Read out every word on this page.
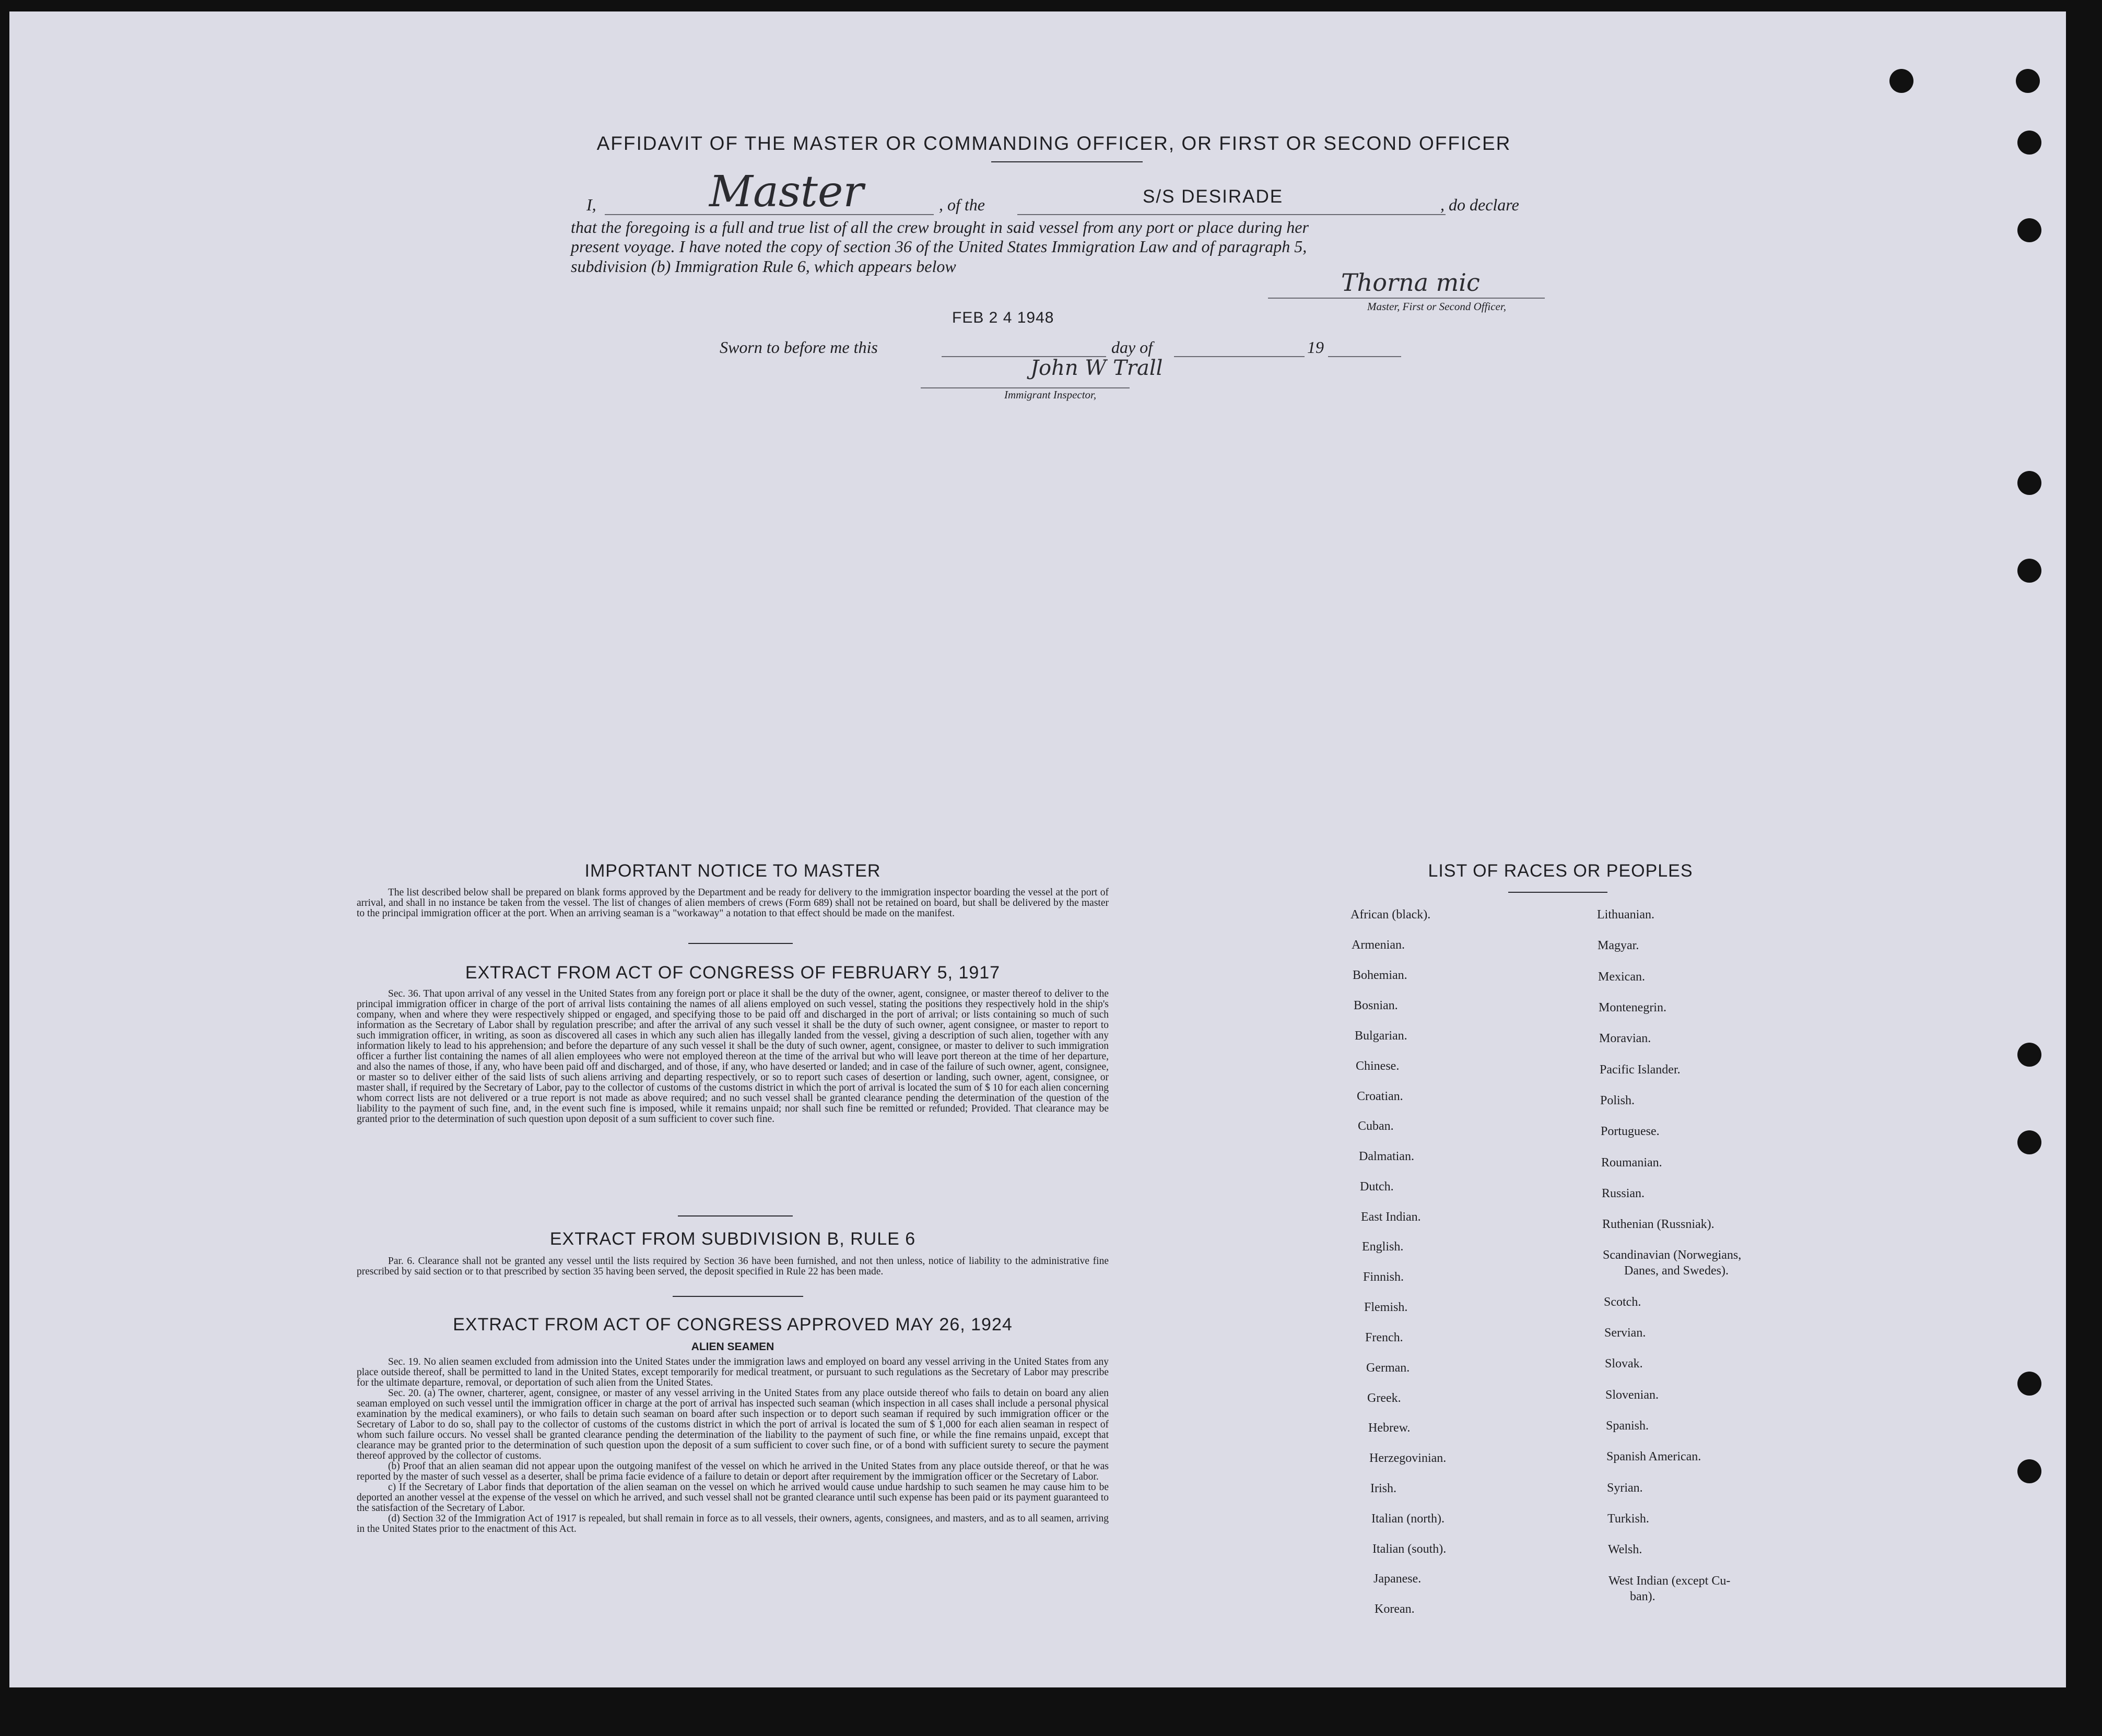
AFFIDAVIT OF THE MASTER OR COMMANDING OFFICER, OR FIRST OR SECOND OFFICER
I,	Master	, of the	S/S DESIRADE	, do declare
that the foregoing is a full and true list of all the crew brought in said vessel from any port or place during her
present voyage. I have noted the copy of section 36 of the United States Immigration Law and of paragraph 5,
subdivision (b) Immigration Rule 6, which appears below
Thorna mic
Master, First or Second Officer,
FEB 2 4 1948
Sworn to before me this	day of	19
John W Trall
Immigrant Inspector,
IMPORTANT NOTICE TO MASTER

The list described below shall be prepared on blank forms approved by the Department and be ready for delivery to the immigration inspector boarding the vessel at the port of arrival, and shall in no instance be taken from the vessel. The list of changes of alien members of crews (Form 689) shall not be retained on board, but shall be delivered by the master to the principal immigration officer at the port. When an arriving seaman is a "workaway" a notation to that effect should be made on the manifest.

EXTRACT FROM ACT OF CONGRESS OF FEBRUARY 5, 1917

Sec. 36. That upon arrival of any vessel in the United States from any foreign port or place it shall be the duty of the owner, agent, consignee, or master thereof to deliver to the principal immigration officer in charge of the port of arrival lists containing the names of all aliens employed on such vessel, stating the positions they respectively hold in the ship's company, when and where they were respectively shipped or engaged, and specifying those to be paid off and discharged in the port of arrival; or lists containing so much of such information as the Secretary of Labor shall by regulation prescribe; and after the arrival of any such vessel it shall be the duty of such owner, agent consignee, or master to report to such immigration officer, in writing, as soon as discovered all cases in which any such alien has illegally landed from the vessel, giving a description of such alien, together with any information likely to lead to his apprehension; and before the departure of any such vessel it shall be the duty of such owner, agent, consignee, or master to deliver to such immigration officer a further list containing the names of all alien employees who were not employed thereon at the time of the arrival but who will leave port thereon at the time of her departure, and also the names of those, if any, who have been paid off and discharged, and of those, if any, who have deserted or landed; and in case of the failure of such owner, agent, consignee, or master so to deliver either of the said lists of such aliens arriving and departing respectively, or so to report such cases of desertion or landing, such owner, agent, consignee, or master shall, if required by the Secretary of Labor, pay to the collector of customs of the customs district in which the port of arrival is located the sum of $ 10 for each alien concerning whom correct lists are not delivered or a true report is not made as above required; and no such vessel shall be granted clearance pending the determination of the question of the liability to the payment of such fine, and, in the event such fine is imposed, while it remains unpaid; nor shall such fine be remitted or refunded; Provided. That clearance may be granted prior to the determination of such question upon deposit of a sum sufficient to cover such fine.

EXTRACT FROM SUBDIVISION B, RULE 6

Par. 6. Clearance shall not be granted any vessel until the lists required by Section 36 have been furnished, and not then unless, notice of liability to the administrative fine prescribed by said section or to that prescribed by section 35 having been served, the deposit specified in Rule 22 has been made.

EXTRACT FROM ACT OF CONGRESS APPROVED MAY 26, 1924
ALIEN SEAMEN

Sec. 19. No alien seamen excluded from admission into the United States under the immigration laws and employed on board any vessel arriving in the United States from any place outside thereof, shall be permitted to land in the United States, except temporarily for medical treatment, or pursuant to such regulations as the Secretary of Labor may prescribe for the ultimate departure, removal, or deportation of such alien from the United States.

Sec. 20. (a) The owner, charterer, agent, consignee, or master of any vessel arriving in the United States from any place outside thereof who fails to detain on board any alien seaman employed on such vessel until the immigration officer in charge at the port of arrival has inspected such seaman (which inspection in all cases shall include a personal physical examination by the medical examiners), or who fails to detain such seaman on board after such inspection or to deport such seaman if required by such immigration officer or the Secretary of Labor to do so, shall pay to the collector of customs of the customs district in which the port of arrival is located the sum of $ 1,000 for each alien seaman in respect of whom such failure occurs. No vessel shall be granted clearance pending the determination of the liability to the payment of such fine, or while the fine remains unpaid, except that clearance may be granted prior to the determination of such question upon the deposit of a sum sufficient to cover such fine, or of a bond with sufficient surety to secure the payment thereof approved by the collector of customs.

(b) Proof that an alien seaman did not appear upon the outgoing manifest of the vessel on which he arrived in the United States from any place outside thereof, or that he was reported by the master of such vessel as a deserter, shall be prima facie evidence of a failure to detain or deport after requirement by the immigration officer or the Secretary of Labor.

c) If the Secretary of Labor finds that deportation of the alien seaman on the vessel on which he arrived would cause undue hardship to such seamen he may cause him to be deported an another vessel at the expense of the vessel on which he arrived, and such vessel shall not be granted clearance until such expense has been paid or its payment guaranteed to the satisfaction of the Secretary of Labor.

(d) Section 32 of the Immigration Act of 1917 is repealed, but shall remain in force as to all vessels, their owners, agents, consignees, and masters, and as to all seamen, arriving in the United States prior to the enactment of this Act.

LIST OF RACES OR PEOPLES
African (black).
Armenian.
Bohemian.
Bosnian.
Bulgarian.
Chinese.
Croatian.
Cuban.
Dalmatian.
Dutch.
East Indian.
English.
Finnish.
Flemish.
French.
German.
Greek.
Hebrew.
Herzegovinian.
Irish.
Italian (north).
Italian (south).
Japanese.
Korean.
Lithuanian.
Magyar.
Mexican.
Montenegrin.
Moravian.
Pacific Islander.
Polish.
Portuguese.
Roumanian.
Russian.
Ruthenian (Russniak).
Scandinavian (Norwegians,
Danes, and Swedes).
Scotch.
Servian.
Slovak.
Slovenian.
Spanish.
Spanish American.
Syrian.
Turkish.
Welsh.
West Indian (except Cu-
ban).
